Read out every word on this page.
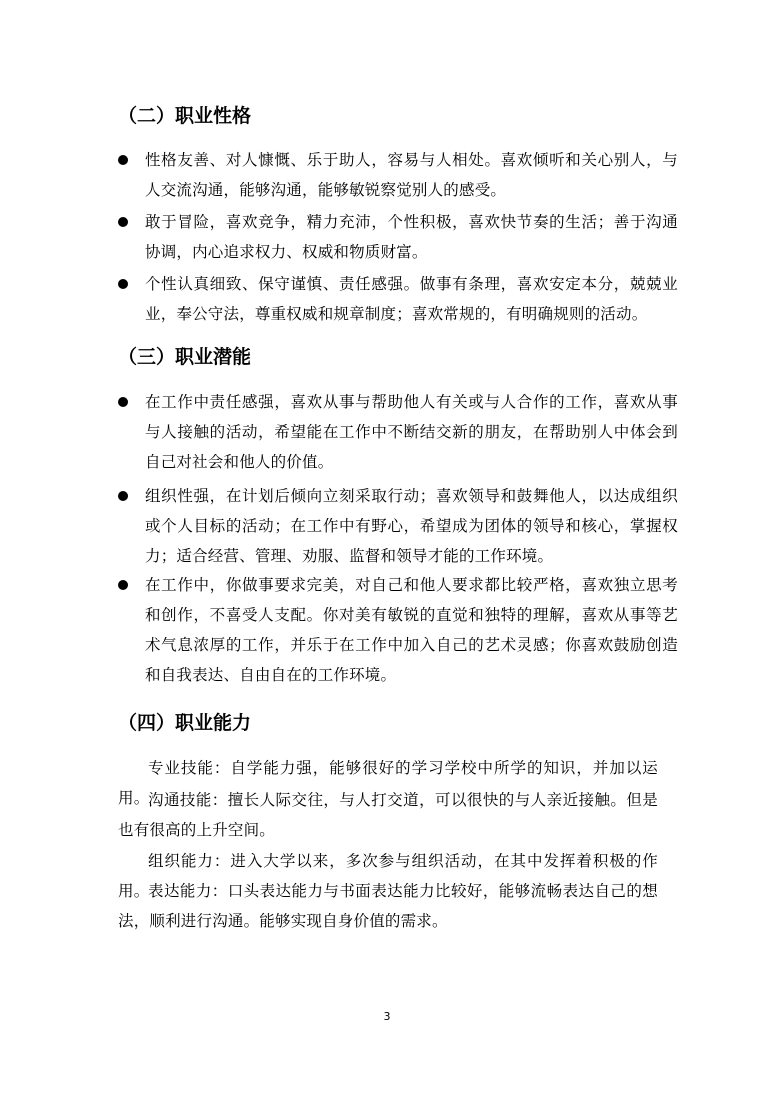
（二）职业性格
性格友善、对人慷慨、乐于助人，容易与人相处。喜欢倾听和关心别人，与人交流沟通，能够沟通，能够敏锐察觉别人的感受。
敢于冒险，喜欢竞争，精力充沛，个性积极，喜欢快节奏的生活；善于沟通协调，内心追求权力、权威和物质财富。
个性认真细致、保守谨慎、责任感强。做事有条理，喜欢安定本分，兢兢业业，奉公守法，尊重权威和规章制度；喜欢常规的，有明确规则的活动。
（三）职业潜能
在工作中责任感强，喜欢从事与帮助他人有关或与人合作的工作，喜欢从事与人接触的活动，希望能在工作中不断结交新的朋友，在帮助别人中体会到自己对社会和他人的价值。
组织性强，在计划后倾向立刻采取行动；喜欢领导和鼓舞他人，以达成组织或个人目标的活动；在工作中有野心，希望成为团体的领导和核心，掌握权力；适合经营、管理、劝服、监督和领导才能的工作环境。
在工作中，你做事要求完美，对自己和他人要求都比较严格，喜欢独立思考和创作，不喜受人支配。你对美有敏锐的直觉和独特的理解，喜欢从事等艺术气息浓厚的工作，并乐于在工作中加入自己的艺术灵感；你喜欢鼓励创造和自我表达、自由自在的工作环境。
（四）职业能力

专业技能：自学能力强，能够很好的学习学校中所学的知识，并加以运用。

沟通技能：擅长人际交往，与人打交道，可以很快的与人亲近接触。但是也有很高的上升空间。

组织能力：进入大学以来，多次参与组织活动，在其中发挥着积极的作用。

表达能力：口头表达能力与书面表达能力比较好，能够流畅表达自己的想法，顺利进行沟通。能够实现自身价值的需求。

3
